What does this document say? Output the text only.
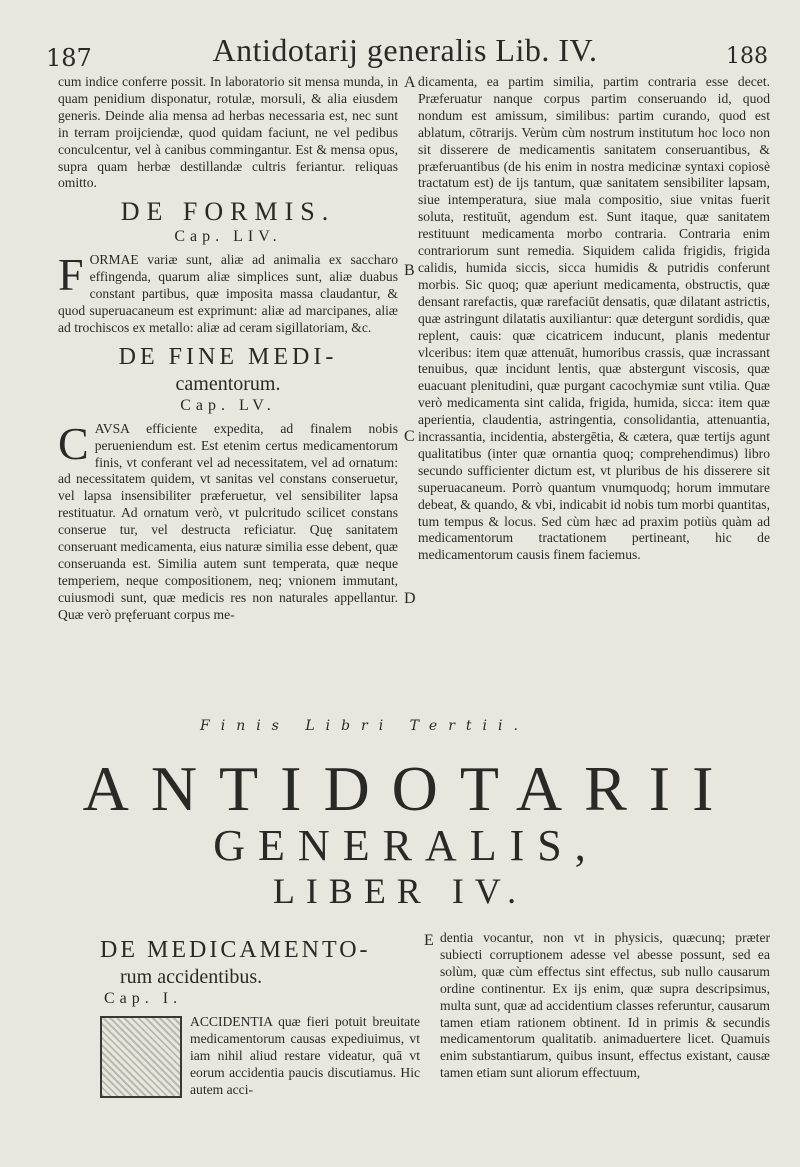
187	Antidotarij generalis Lib. IV.	188

cum indice conferre possit. In laboratorio sit mensa munda, in quam penidium disponatur, rotulæ, morsuli, & alia eiusdem generis. Deinde alia mensa ad herbas necessaria est, nec sunt in terram proijciendæ, quod quidam faciunt, ne vel pedibus conculcentur, vel à canibus commingantur. Est & mensa opus, supra quam herbæ destillandæ cultris feriantur. reliquas omitto.

DE FORMIS.
Cap. LIV.

F ORMAE variæ sunt, aliæ ad animalia ex saccharo effingenda, quarum aliæ simplices sunt, aliæ duabus constant partibus, quæ imposita massa claudantur, & quod superuacaneum est exprimunt: aliæ ad marcipanes, aliæ ad trochiscos ex metallo: aliæ ad ceram sigillatoriam, &c.

DE FINE MEDI-
camentorum.
Cap. LV.

C AVSA efficiente expedita, ad finalem nobis perueniendum est. Est etenim certus medicamentorum finis, vt conferant vel ad necessitatem, vel ad ornatum: ad necessitatem quidem, vt sanitas vel constans conseruetur, vel lapsa insensibiliter præferuetur, vel sensibiliter lapsa restituatur. Ad ornatum verò, vt pulcritudo scilicet constans conserue tur, vel destructa reficiatur. Quę sanitatem conseruant medicamenta, eius naturæ similia esse debent, quæ conseruanda est. Similia autem sunt temperata, quæ neque temperiem, neque compositionem, neq; vnionem immutant, cuiusmodi sunt, quæ medicis res non naturales appellantur. Quæ verò pręferuant corpus me-

dicamenta, ea partim similia, partim contraria esse decet. Præferuatur nanque corpus partim conseruando id, quod nondum est amissum, similibus: partim curando, quod est ablatum, cōtrarijs. Verùm cùm nostrum institutum hoc loco non sit disserere de medicamentis sanitatem conseruantibus, & præferuantibus (de his enim in nostra medicinæ syntaxi copiosè tractatum est) de ijs tantum, quæ sanitatem sensibiliter lapsam, siue intemperatura, siue mala compositio, siue vnitas fuerit soluta, restituūt, agendum est. Sunt itaque, quæ sanitatem restituunt medicamenta morbo contraria. Contraria enim contrariorum sunt remedia. Siquidem calida frigidis, frigida calidis, humida siccis, sicca humidis & putridis conferunt morbis. Sic quoq; quæ aperiunt medicamenta, obstructis, quæ densant rarefactis, quæ rarefaciūt densatis, quæ dilatant astrictis, quæ astringunt dilatatis auxiliantur: quæ detergunt sordidis, quæ replent, cauis: quæ cicatricem inducunt, planis medentur vlceribus: item quæ attenuāt, humoribus crassis, quæ incrassant tenuibus, quæ incidunt lentis, quæ abstergunt viscosis, quæ euacuant plenitudini, quæ purgant cacochymiæ sunt vtilia. Quæ verò medicamenta sint calida, frigida, humida, sicca: item quæ aperientia, claudentia, astringentia, consolidantia, attenuantia, incrassantia, incidentia, abstergētia, & cætera, quæ tertijs agunt qualitatibus (inter quæ ornantia quoq; comprehendimus) libro secundo sufficienter dictum est, vt pluribus de his disserere sit superuacaneum. Porrò quantum vnumquodq; horum immutare debeat, & quando, & vbi, indicabit id nobis tum morbi quantitas, tum tempus & locus. Sed cùm hæc ad praxim potiùs quàm ad medicamentorum tractationem pertineant, hic de medicamentorum causis finem faciemus.

A
B
C
D
E
Finis Libri Tertii.
ANTIDOTARII
GENERALIS,
LIBER IV.
DE MEDICAMENTO-
rum accidentibus.
Cap. I.

ACCIDENTIA quæ fieri potuit breuitate medicamentorum causas expediuimus, vt iam nihil aliud restare videatur, quā vt eorum accidentia paucis discutiamus. Hic autem acci-

dentia vocantur, non vt in physicis, quæcunq; præter subiecti corruptionem adesse vel abesse possunt, sed ea solùm, quæ cùm effectus sint effectus, sub nullo causarum ordine continentur. Ex ijs enim, quæ supra descripsimus, multa sunt, quæ ad accidentium classes referuntur, causarum tamen etiam rationem obtinent. Id in primis & secundis medicamentorum qualitatib. animaduertere licet. Quamuis enim substantiarum, quibus insunt, effectus existant, causæ tamen etiam sunt aliorum effectuum,
